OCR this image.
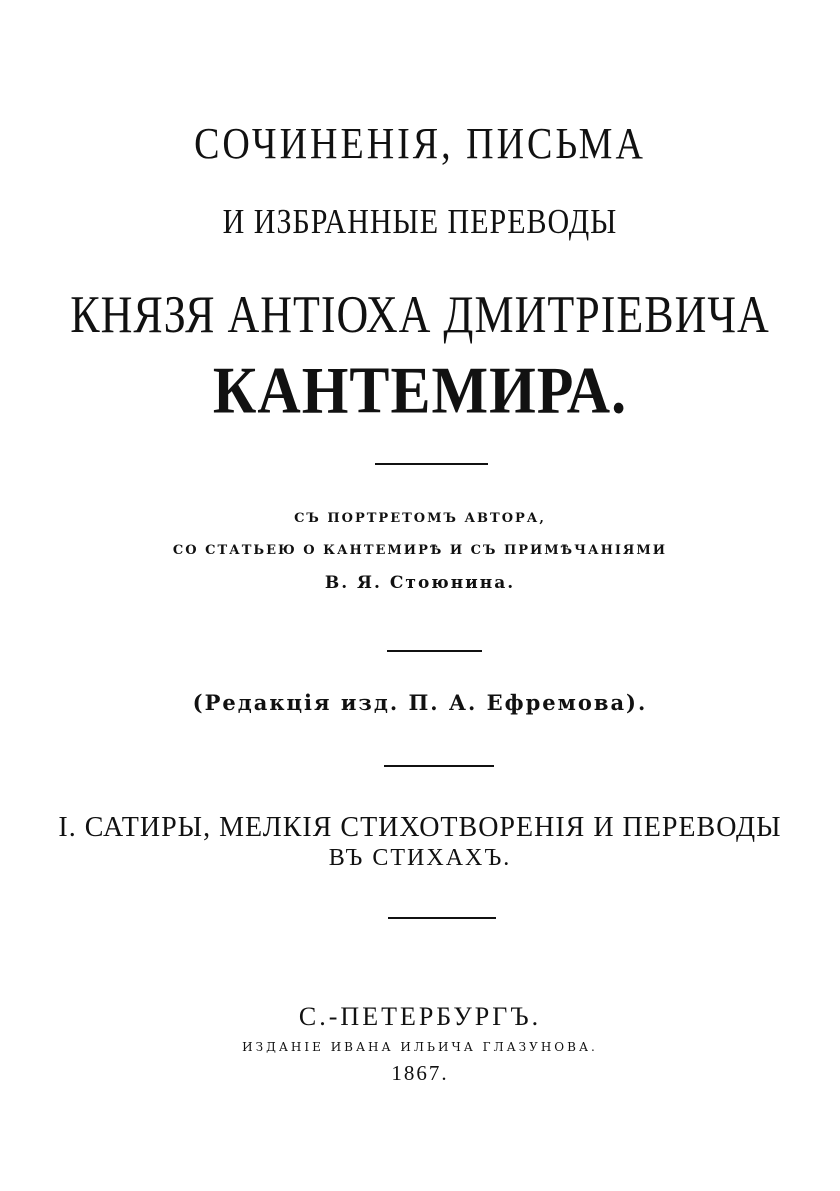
СОЧИНЕНІЯ, ПИСЬМА
И ИЗБРАННЫЕ ПЕРЕВОДЫ
КНЯЗЯ АНТІОХА ДМИТРІЕВИЧА
КАНТЕМИРА.
СЪ ПОРТРЕТОМЪ АВТОРА,
СО СТАТЬЕЮ О КАНТЕМИРѢ И СЪ ПРИМѢЧАНІЯМИ
В. Я. Стоюнина.
(Редакція изд. П. А. Ефремова).
I. САТИРЫ, МЕЛКІЯ СТИХОТВОРЕНІЯ И ПЕРЕВОДЫ
ВЪ СТИХАХЪ.
С.-ПЕТЕРБУРГЪ.
ИЗДАНІЕ ИВАНА ИЛЬИЧА ГЛАЗУНОВА.
1867.
